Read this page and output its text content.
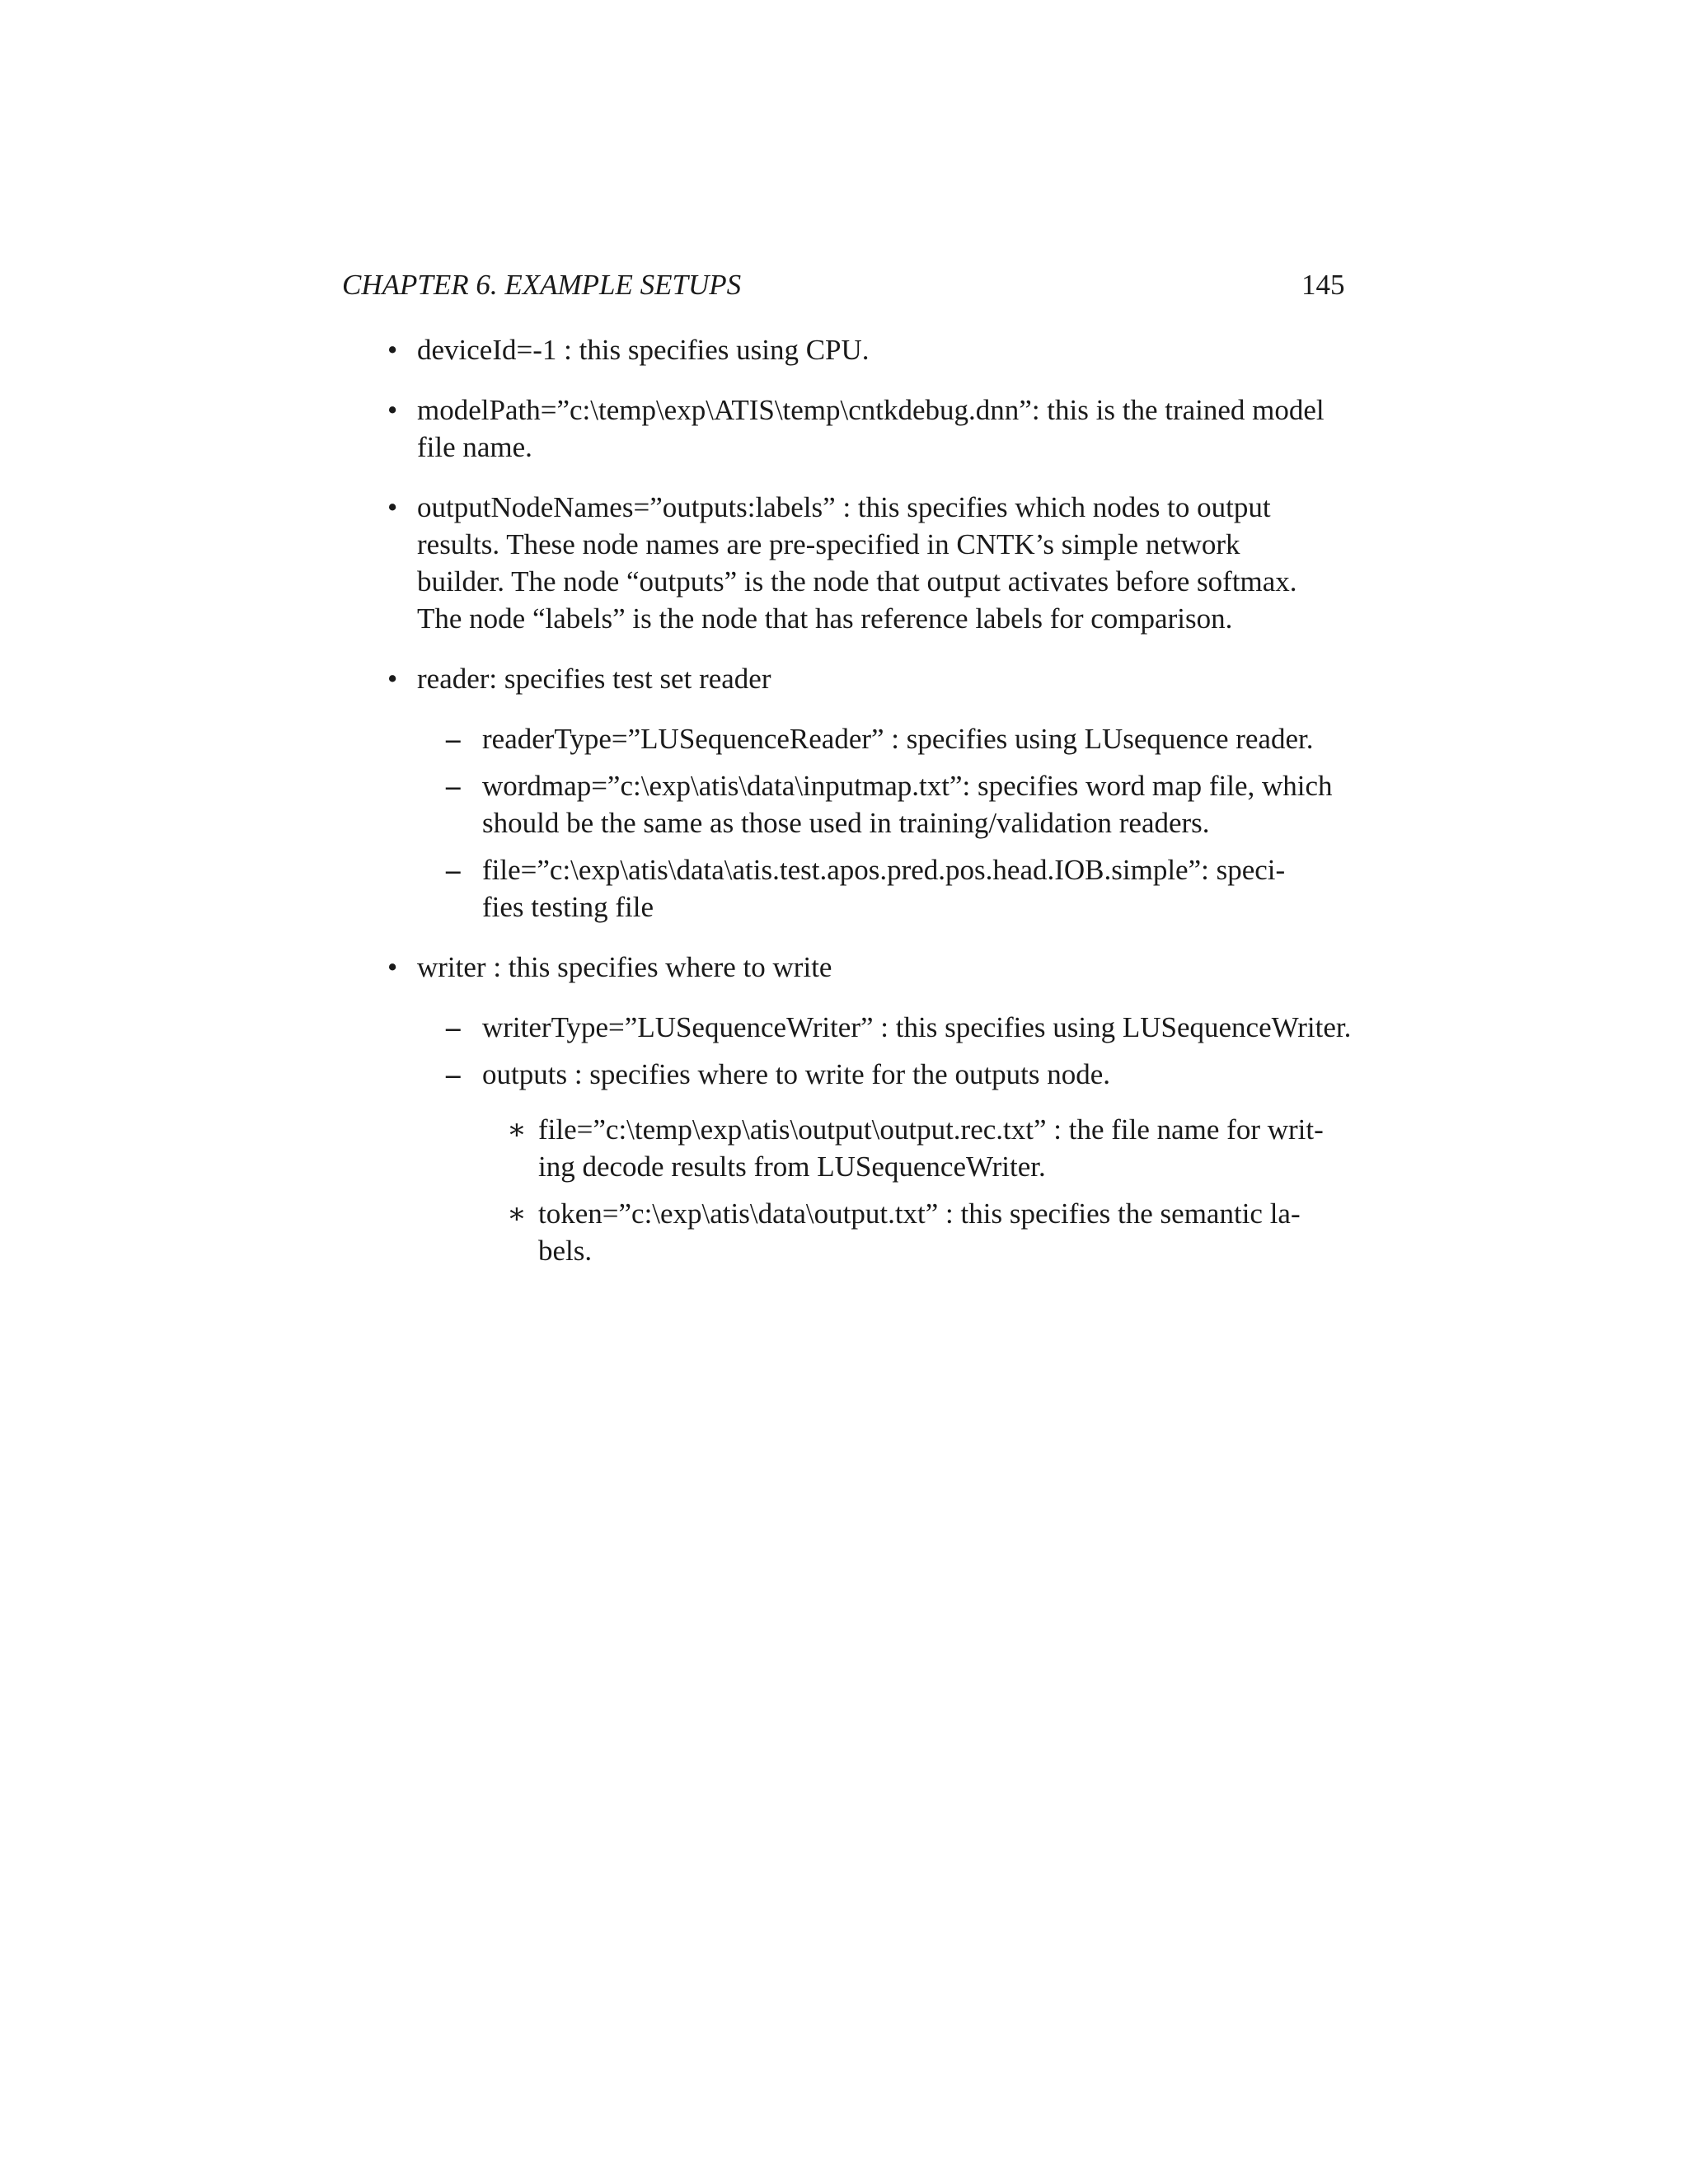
CHAPTER 6. EXAMPLE SETUPS	145
• deviceId=-1 : this specifies using CPU.
• modelPath=”c:\temp\exp\ATIS\temp\cntkdebug.dnn”: this is the trained model
file name.
• outputNodeNames=”outputs:labels” : this specifies which nodes to output
results. These node names are pre-specified in CNTK’s simple network
builder. The node “outputs” is the node that output activates before softmax.
The node “labels” is the node that has reference labels for comparison.
• reader: specifies test set reader
– readerType=”LUSequenceReader” : specifies using LUsequence reader.
– wordmap=”c:\exp\atis\data\inputmap.txt”: specifies word map file, which
should be the same as those used in training/validation readers.
– file=”c:\exp\atis\data\atis.test.apos.pred.pos.head.IOB.simple”: speci-
fies testing file
• writer : this specifies where to write
– writerType=”LUSequenceWriter” : this specifies using LUSequenceWriter.
– outputs : specifies where to write for the outputs node.
∗ file=”c:\temp\exp\atis\output\output.rec.txt” : the file name for writ-
ing decode results from LUSequenceWriter.
∗ token=”c:\exp\atis\data\output.txt” : this specifies the semantic la-
bels.
